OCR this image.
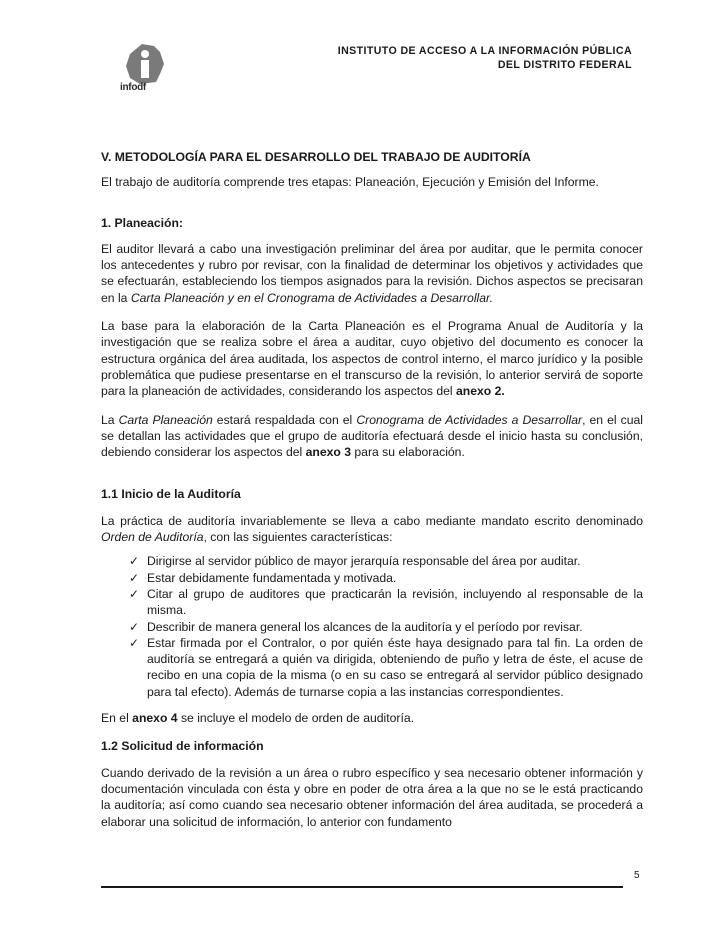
infodf
INSTITUTO DE ACCESO A LA INFORMACIÓN PÚBLICA
DEL DISTRITO FEDERAL
V. METODOLOGÍA PARA EL DESARROLLO DEL TRABAJO DE AUDITORÍA

El trabajo de auditoría comprende tres etapas: Planeación, Ejecución y Emisión del Informe.

1. Planeación:

El auditor llevará a cabo una investigación preliminar del área por auditar, que le permita conocer los antecedentes y rubro por revisar, con la finalidad de determinar los objetivos y actividades que se efectuarán, estableciendo los tiempos asignados para la revisión. Dichos aspectos se precisaran en la Carta Planeación y en el Cronograma de Actividades a Desarrollar.

La base para la elaboración de la Carta Planeación es el Programa Anual de Auditoría y la investigación que se realiza sobre el área a auditar, cuyo objetivo del documento es conocer la estructura orgánica del área auditada, los aspectos de control interno, el marco jurídico y la posible problemática que pudiese presentarse en el transcurso de la revisión, lo anterior servirá de soporte para la planeación de actividades, considerando los aspectos del anexo 2.

La Carta Planeación estará respaldada con el Cronograma de Actividades a Desarrollar, en el cual se detallan las actividades que el grupo de auditoría efectuará desde el inicio hasta su conclusión, debiendo considerar los aspectos del anexo 3 para su elaboración.

1.1 Inicio de la Auditoría

La práctica de auditoría invariablemente se lleva a cabo mediante mandato escrito denominado Orden de Auditoría, con las siguientes características:

✓ Dirigirse al servidor público de mayor jerarquía responsable del área por auditar.
✓ Estar debidamente fundamentada y motivada.
✓ Citar al grupo de auditores que practicarán la revisión, incluyendo al responsable de la misma.
✓ Describir de manera general los alcances de la auditoría y el período por revisar.
✓ Estar firmada por el Contralor, o por quién éste haya designado para tal fin. La orden de auditoría se entregará a quién va dirigida, obteniendo de puño y letra de éste, el acuse de recibo en una copia de la misma (o en su caso se entregará al servidor público designado para tal efecto). Además de turnarse copia a las instancias correspondientes.

En el anexo 4 se incluye el modelo de orden de auditoría.

1.2 Solicitud de información

Cuando derivado de la revisión a un área o rubro específico y sea necesario obtener información y documentación vinculada con ésta y obre en poder de otra área a la que no se le está practicando la auditoría; así como cuando sea necesario obtener información del área auditada, se procederá a elaborar una solicitud de información, lo anterior con fundamento

5
